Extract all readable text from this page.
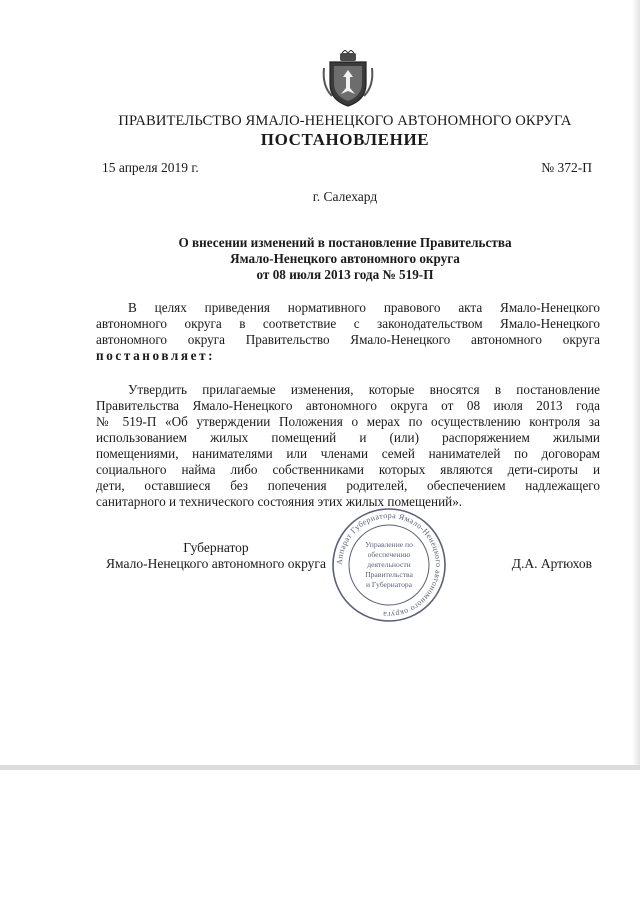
ПРАВИТЕЛЬСТВО ЯМАЛО-НЕНЕЦКОГО АВТОНОМНОГО ОКРУГА
ПОСТАНОВЛЕНИЕ
15 апреля 2019 г.	№ 372-П
г. Салехард
О внесении изменений в постановление Правительства
Ямало-Ненецкого автономного округа
от 08 июля 2013 года № 519-П
В целях приведения нормативного правового акта Ямало-Ненецкого
автономного округа в соответствие с законодательством Ямало-Ненецкого
автономного округа Правительство Ямало-Ненецкого автономного округа
постановляет:
Утвердить прилагаемые изменения, которые вносятся в постановление
Правительства Ямало-Ненецкого автономного округа от 08 июля 2013 года
№ 519-П «Об утверждении Положения о мерах по осуществлению контроля за
использованием жилых помещений и (или) распоряжением жилыми
помещениями, нанимателями или членами семей нанимателей по договорам
социального найма либо собственниками которых являются дети-сироты и
дети, оставшиеся без попечения родителей, обеспечением надлежащего
санитарного и технического состояния этих жилых помещений».
Губернатор
Ямало-Ненецкого автономного округа	Д.А. Артюхов
Аппарат Губернатора Ямало-Ненецкого автономного округа
Управление по
обеспечению
деятельности
Правительства
и Губернатора
